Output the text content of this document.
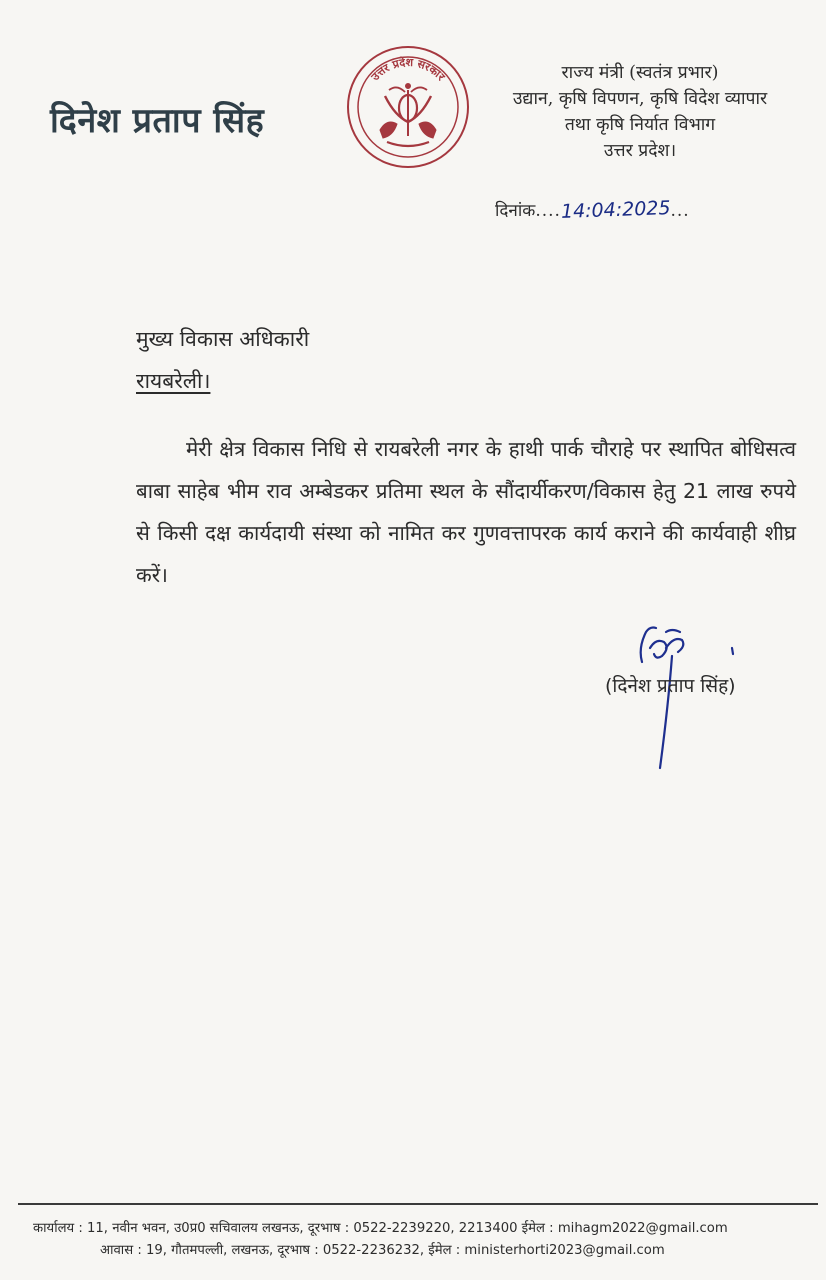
दिनेश प्रताप सिंह
उत्तर प्रदेश सरकार	राज्य मंत्री (स्वतंत्र प्रभार)
उद्यान, कृषि विपणन, कृषि विदेश व्यापार
तथा कृषि निर्यात विभाग
उत्तर प्रदेश।
दिनांक....14:04:2025...
मुख्य विकास अधिकारी
रायबरेली।
मेरी क्षेत्र विकास निधि से रायबरेली नगर के हाथी पार्क चौराहे पर स्थापित बोधिसत्व बाबा साहेब भीम राव अम्बेडकर प्रतिमा स्थल के सौंदार्यीकरण/विकास हेतु 21 लाख रुपये से किसी दक्ष कार्यदायी संस्था को नामित कर गुणवत्तापरक कार्य कराने की कार्यवाही शीघ्र करें।
(दिनेश प्रताप सिंह)
कार्यालय : 11, नवीन भवन, उ0प्र0 सचिवालय लखनऊ, दूरभाष : 0522-2239220, 2213400 ईमेल : mihagm2022@gmail.com
आवास : 19, गौतमपल्ली, लखनऊ, दूरभाष : 0522-2236232, ईमेल : ministerhorti2023@gmail.com
